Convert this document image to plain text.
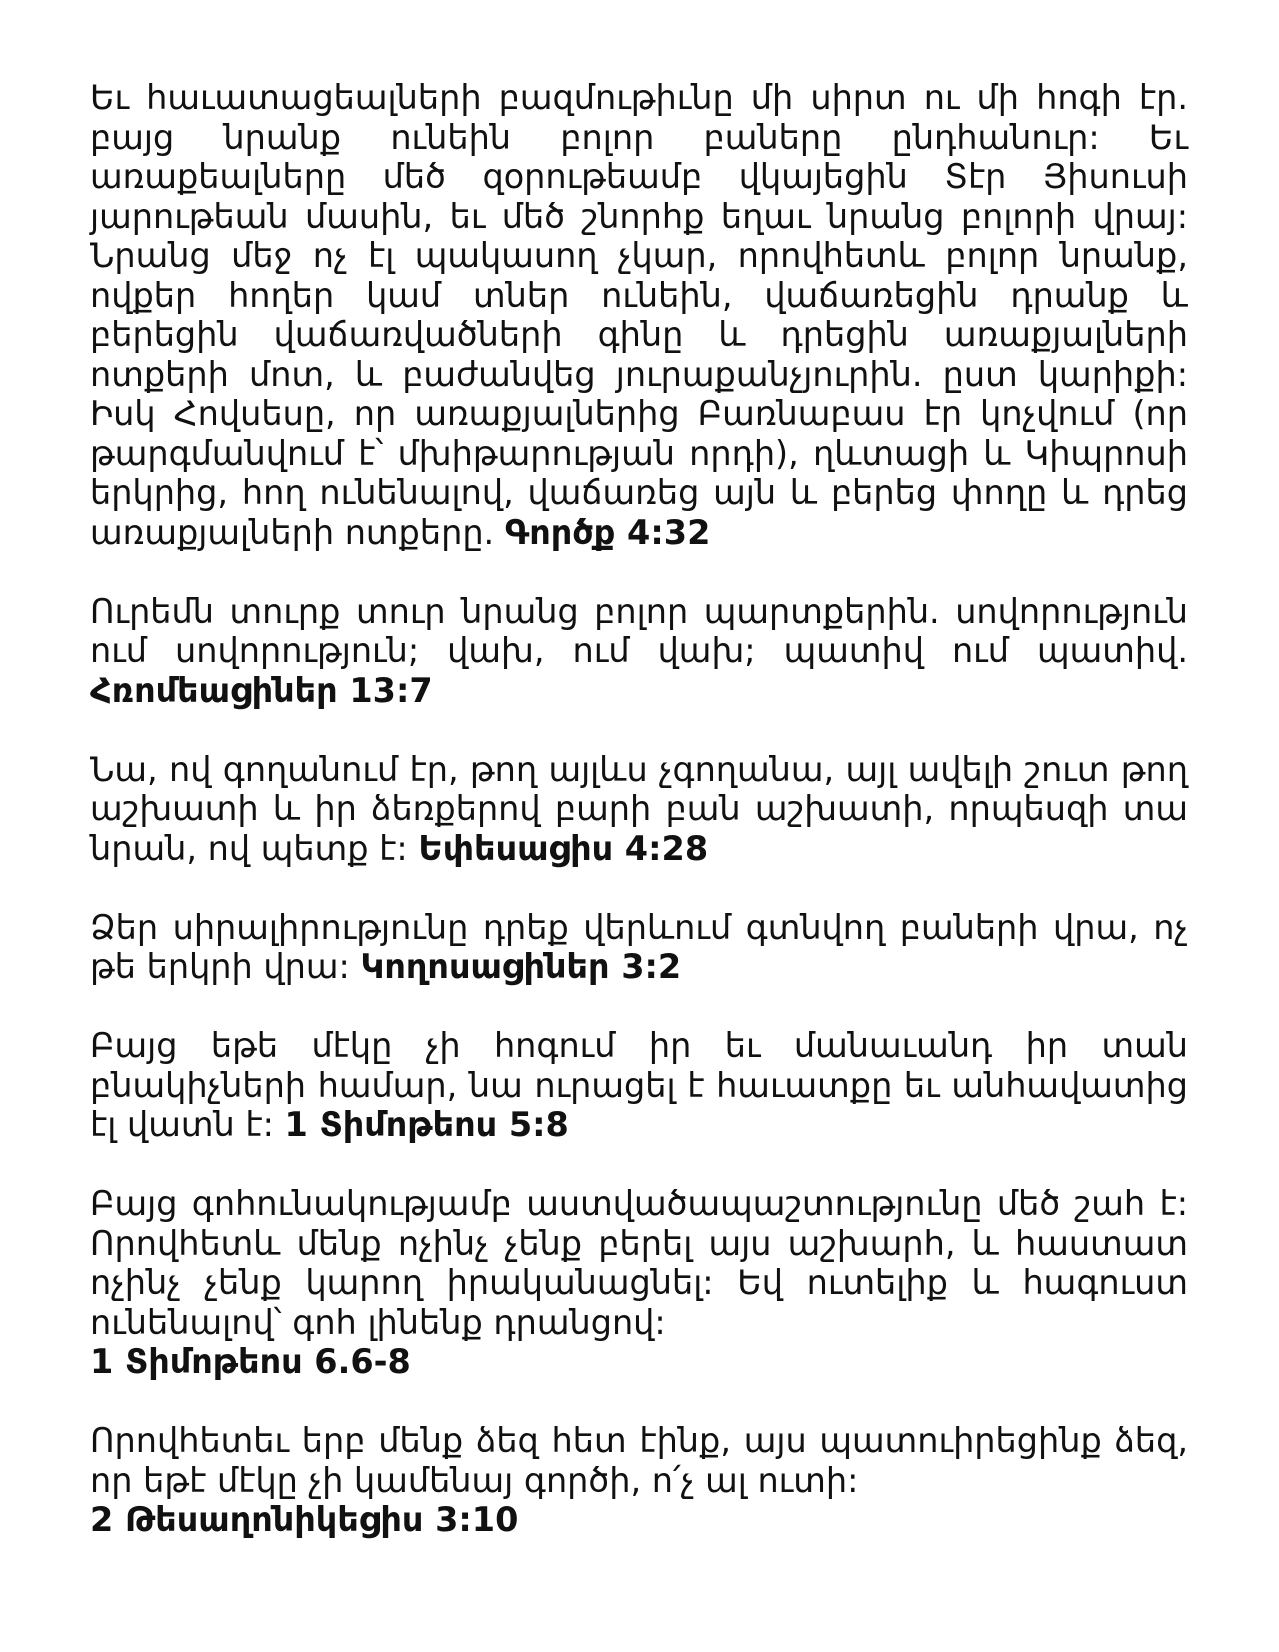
Եւ հաւատացեալների բազմութիւնը մի սիրտ ու մի հոգի էր. բայց նրանք ունեին բոլոր բաները ընդհանուր: Եւ առաքեալները մեծ զօրութեամբ վկայեցին Տէր Յիսուսի յարութեան մասին, եւ մեծ շնորհք եղաւ նրանց բոլորի վրայ: Նրանց մեջ ոչ էլ պակասող չկար, որովհետև բոլոր նրանք, ովքեր հողեր կամ տներ ունեին, վաճառեցին դրանք և բերեցին վաճառվածների գինը և դրեցին առաքյալների ոտքերի մոտ, և բաժանվեց յուրաքանչյուրին. ըստ կարիքի: Իսկ Հովսեսը, որ առաքյալներից Բառնաբաս էր կոչվում (որ թարգմանվում է՝ մխիթարության որդի), ղևտացի և Կիպրոսի երկրից, հող ունենալով, վաճառեց այն և բերեց փողը և դրեց առաքյալների ոտքերը. Գործք 4:32

Ուրեմն տուրք տուր նրանց բոլոր պարտքերին. սովորություն ում սովորություն; վախ, ում վախ; պատիվ ում պատիվ. Հռոմեացիներ 13:7

Նա, ով գողանում էր, թող այլևս չգողանա, այլ ավելի շուտ թող աշխատի և իր ձեռքերով բարի բան աշխատի, որպեսզի տա նրան, ով պետք է: Եփեսացիս 4:28

Ձեր սիրալիրությունը դրեք վերևում գտնվող բաների վրա, ոչ թե երկրի վրա: Կողոսացիներ 3:2

Բայց եթե մէկը չի հոգում իր եւ մանաւանդ իր տան բնակիչների համար, նա ուրացել է հաւատքը եւ անհավատից էլ վատն է: 1 Տիմոթեոս 5:8

Բայց գոհունակությամբ աստվածապաշտությունը մեծ շահ է: Որովհետև մենք ոչինչ չենք բերել այս աշխարհ, և հաստատ ոչինչ չենք կարող իրականացնել: Եվ ուտելիք և հագուստ ունենալով՝ գոհ լինենք դրանցով:
1 Տիմոթեոս 6.6-8

Որովհետեւ երբ մենք ձեզ հետ էինք, այս պատուիրեցինք ձեզ, որ եթէ մէկը չի կամենայ գործի, ո՛չ ալ ուտի:
2 Թեսաղոնիկեցիս 3:10
